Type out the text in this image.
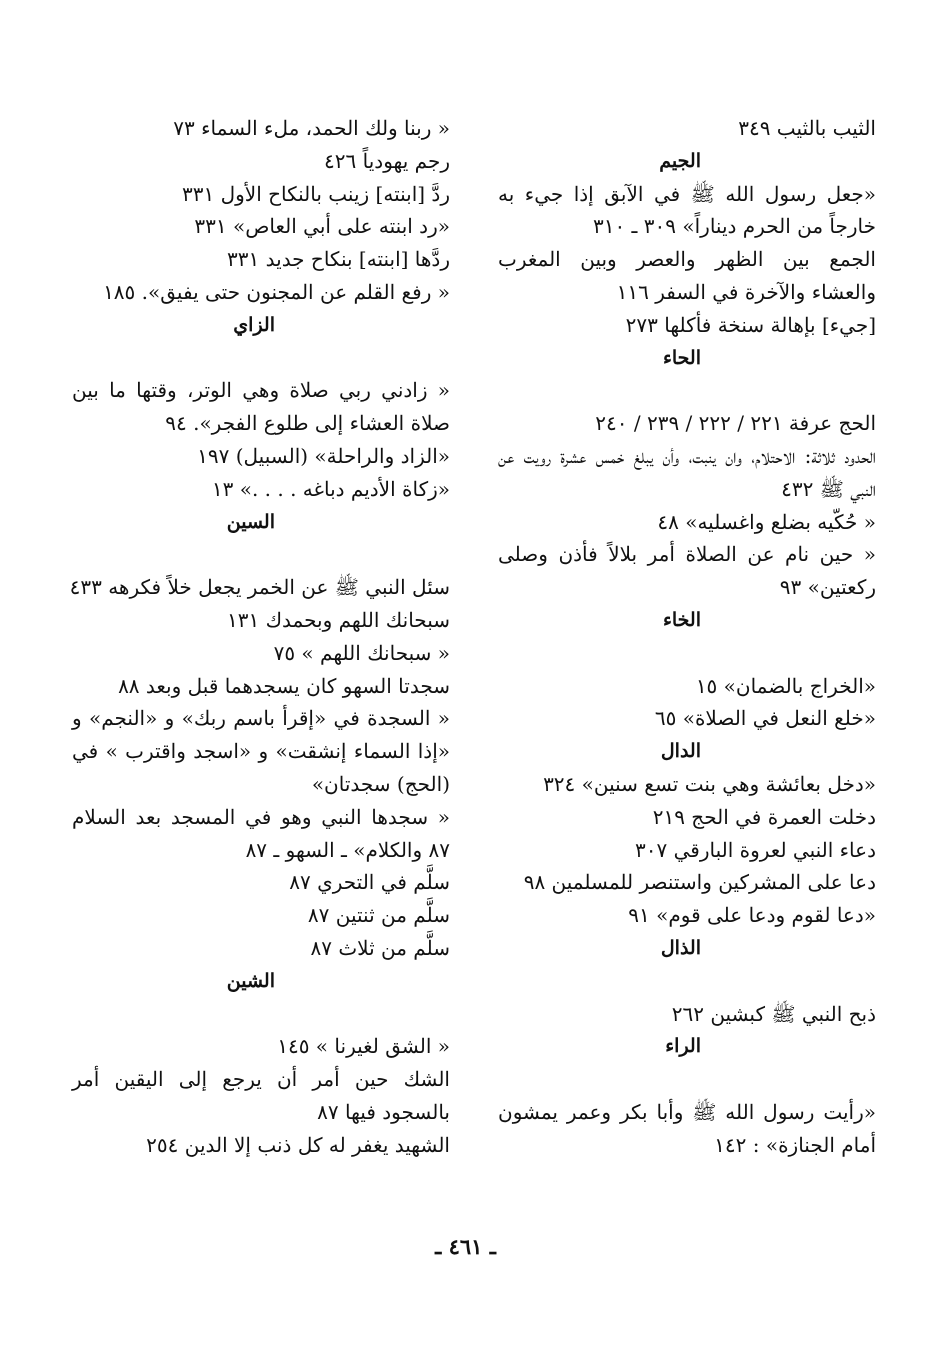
الثيب بالثيب ٣٤٩
الجيم
«جعل رسول الله ﷺ في الآبق إذا جيء به خارجاً من الحرم ديناراً» ٣٠٩ ـ ٣١٠
الجمع بين الظهر والعصر وبين المغرب والعشاء والآخرة في السفر ١١٦
[جيء] بإهالة سنخة فأكلها ٢٧٣
الحاء
الحج عرفة ٢٢١ / ٢٢٢ / ٢٣٩ / ٢٤٠
الحدود ثلاثة: الاحتلام، وان ينبت، وأن يبلغ خمس عشرة رويت عن النبي ﷺ ٤٣٢
« حُكّيه بضلع واغسليه» ٤٨
« حين نام عن الصلاة أمر بلالاً فأذن وصلى ركعتين» ٩٣
الخاء
«الخراج بالضمان» ١٥
«خلع النعل في الصلاة» ٦٥
الدال
«دخل بعائشة وهي بنت تسع سنين» ٣٢٤
دخلت العمرة في الحج ٢١٩
دعاء النبي لعروة البارقي ٣٠٧
دعا على المشركين واستنصر للمسلمين ٩٨
«دعا لقوم ودعا على قوم» ٩١
الذال
ذبح النبي ﷺ كبشين ٢٦٢
الراء
«رأيت رسول الله ﷺ وأبا بكر وعمر يمشون أمام الجنازة» : ١٤٢
« ربنا ولك الحمد، ملء السماء ٧٣
رجم يهودياً ٤٢٦
ردَّ [ابنته] زينب بالنكاح الأول ٣٣١
«رد ابنته على أبي العاص» ٣٣١
ردَّها [ابنته] بنكاح جديد ٣٣١
« رفع القلم عن المجنون حتى يفيق». ١٨٥
الزاي
« زادني ربي صلاة وهي الوتر، وقتها ما بين صلاة العشاء إلى طلوع الفجر». ٩٤
«الزاد والراحلة» (السبيل) ١٩٧
«زكاة الأديم دباغه . . . .» ١٣
السين
سئل النبي ﷺ عن الخمر يجعل خلاً فكرهه ٤٣٣
سبحانك اللهم وبحمدك ١٣١
« سبحانك اللهم » ٧٥
سجدتا السهو كان يسجدهما قبل وبعد ٨٨
« السجدة في «إقرأ باسم ربك» و «النجم» و «إذا السماء إنشقت» و «اسجد واقترب » في (الحج) سجدتان»
« سجدها النبي وهو في المسجد بعد السلام ٨٧ والكلام» ـ السهو ـ ٨٧
سلَّم في التحري ٨٧
سلَّم من ثنتين ٨٧
سلَّم من ثلاث ٨٧
الشين
« الشق لغيرنا » ١٤٥
الشك حين أمر أن يرجع إلى اليقين أمر بالسجود فيها ٨٧
الشهيد يغفر له كل ذنب إلا الدين ٢٥٤
ـ ٤٦١ ـ
